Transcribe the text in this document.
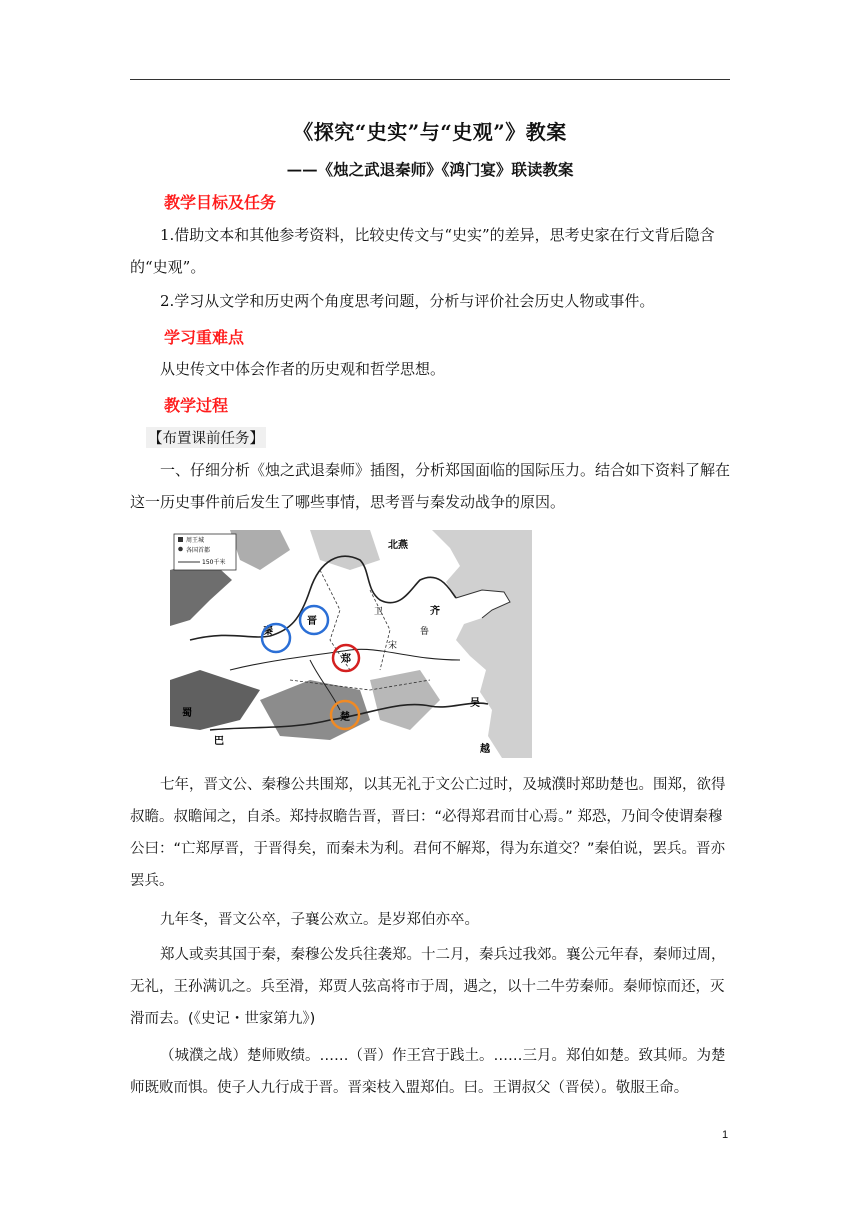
《探究“史实”与“史观”》教案
——《烛之武退秦师》《鸿门宴》联读教案
教学目标及任务
1.借助文本和其他参考资料，比较史传文与“史实”的差异，思考史家在行文背后隐含的“史观”。
2.学习从文学和历史两个角度思考问题，分析与评价社会历史人物或事件。
学习重难点
从史传文中体会作者的历史观和哲学思想。
教学过程
【布置课前任务】
一、仔细分析《烛之武退秦师》插图，分析郑国面临的国际压力。结合如下资料了解在这一历史事件前后发生了哪些事情，思考晋与秦发动战争的原因。
周王城
各国首都
150千米
秦
晋
郑
楚
北燕
齐
鲁
宋
卫
吴
越
蜀
巴
七年，晋文公、秦穆公共围郑，以其无礼于文公亡过时，及城濮时郑助楚也。围郑，欲得叔瞻。叔瞻闻之，自杀。郑持叔瞻告晋，晋曰：“必得郑君而甘心焉。” 郑恐，乃间令使谓秦穆公曰：“亡郑厚晋，于晋得矣，而秦未为利。君何不解郑，得为东道交？”秦伯说，罢兵。晋亦罢兵。
九年冬，晋文公卒，子襄公欢立。是岁郑伯亦卒。
郑人或卖其国于秦，秦穆公发兵往袭郑。十二月，秦兵过我郊。襄公元年春，秦师过周，无礼，王孙满讥之。兵至滑，郑贾人弦高将市于周，遇之，以十二牛劳秦师。秦师惊而还，灭滑而去。(《史记・世家第九》)
（城濮之战）楚师败绩。……（晋）作王宫于践土。……三月。郑伯如楚。致其师。为楚师既败而惧。使子人九行成于晋。晋栾枝入盟郑伯。曰。王谓叔父（晋侯）。敬服王命。
1
